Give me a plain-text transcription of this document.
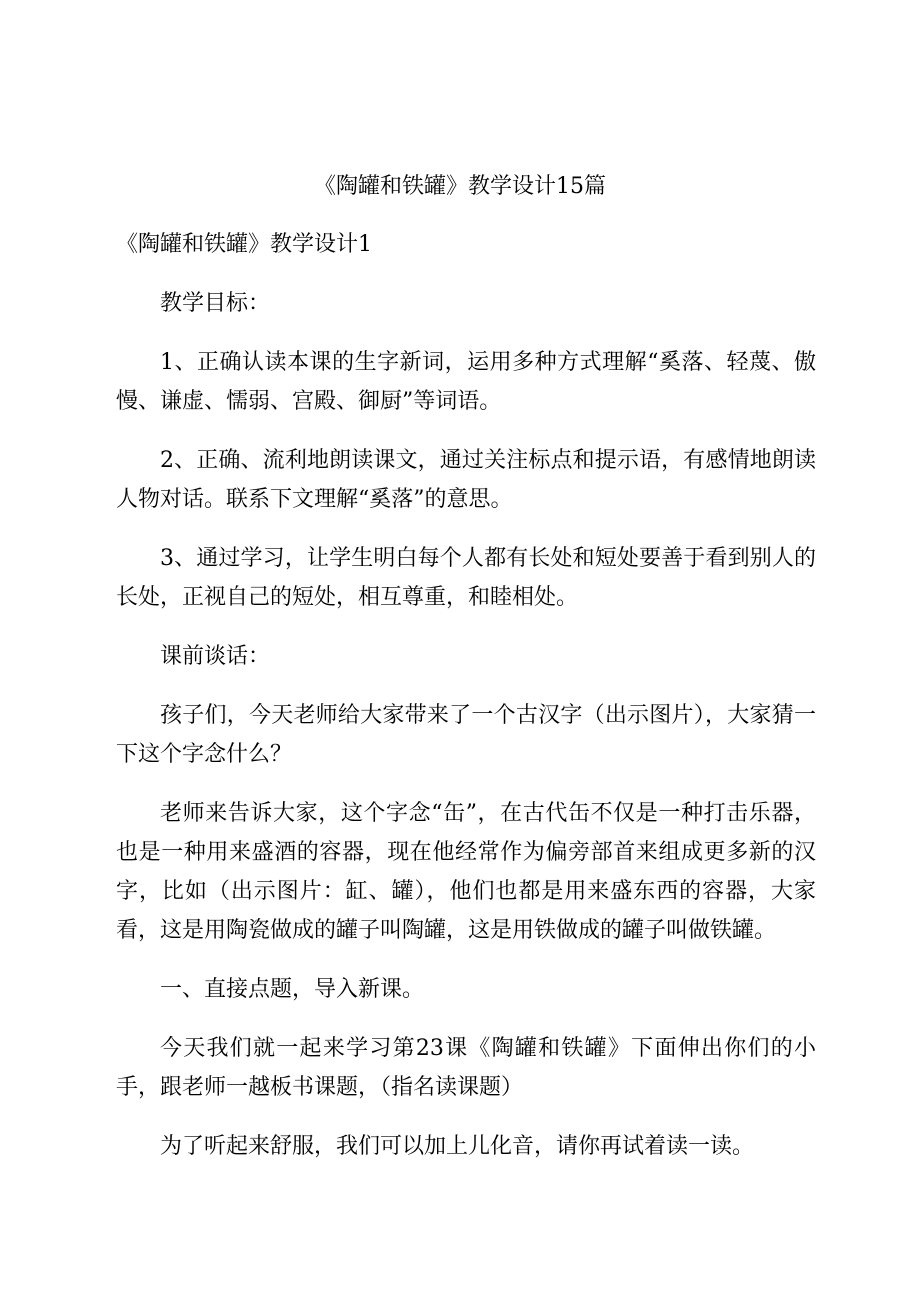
《陶罐和铁罐》教学设计15篇

《陶罐和铁罐》教学设计1

教学目标：

1、正确认读本课的生字新词，运用多种方式理解“奚落、轻蔑、傲慢、谦虚、懦弱、宫殿、御厨”等词语。

2、正确、流利地朗读课文，通过关注标点和提示语，有感情地朗读人物对话。联系下文理解“奚落”的意思。

3、通过学习，让学生明白每个人都有长处和短处要善于看到别人的长处，正视自己的短处，相互尊重，和睦相处。

课前谈话：

孩子们，今天老师给大家带来了一个古汉字（出示图片），大家猜一下这个字念什么？

老师来告诉大家，这个字念“缶”，在古代缶不仅是一种打击乐器，也是一种用来盛酒的容器，现在他经常作为偏旁部首来组成更多新的汉字，比如（出示图片：缸、罐），他们也都是用来盛东西的容器，大家看，这是用陶瓷做成的罐子叫陶罐，这是用铁做成的罐子叫做铁罐。

一、直接点题，导入新课。

今天我们就一起来学习第23课《陶罐和铁罐》下面伸出你们的小手，跟老师一越板书课题，（指名读课题）

为了听起来舒服，我们可以加上儿化音，请你再试着读一读。
